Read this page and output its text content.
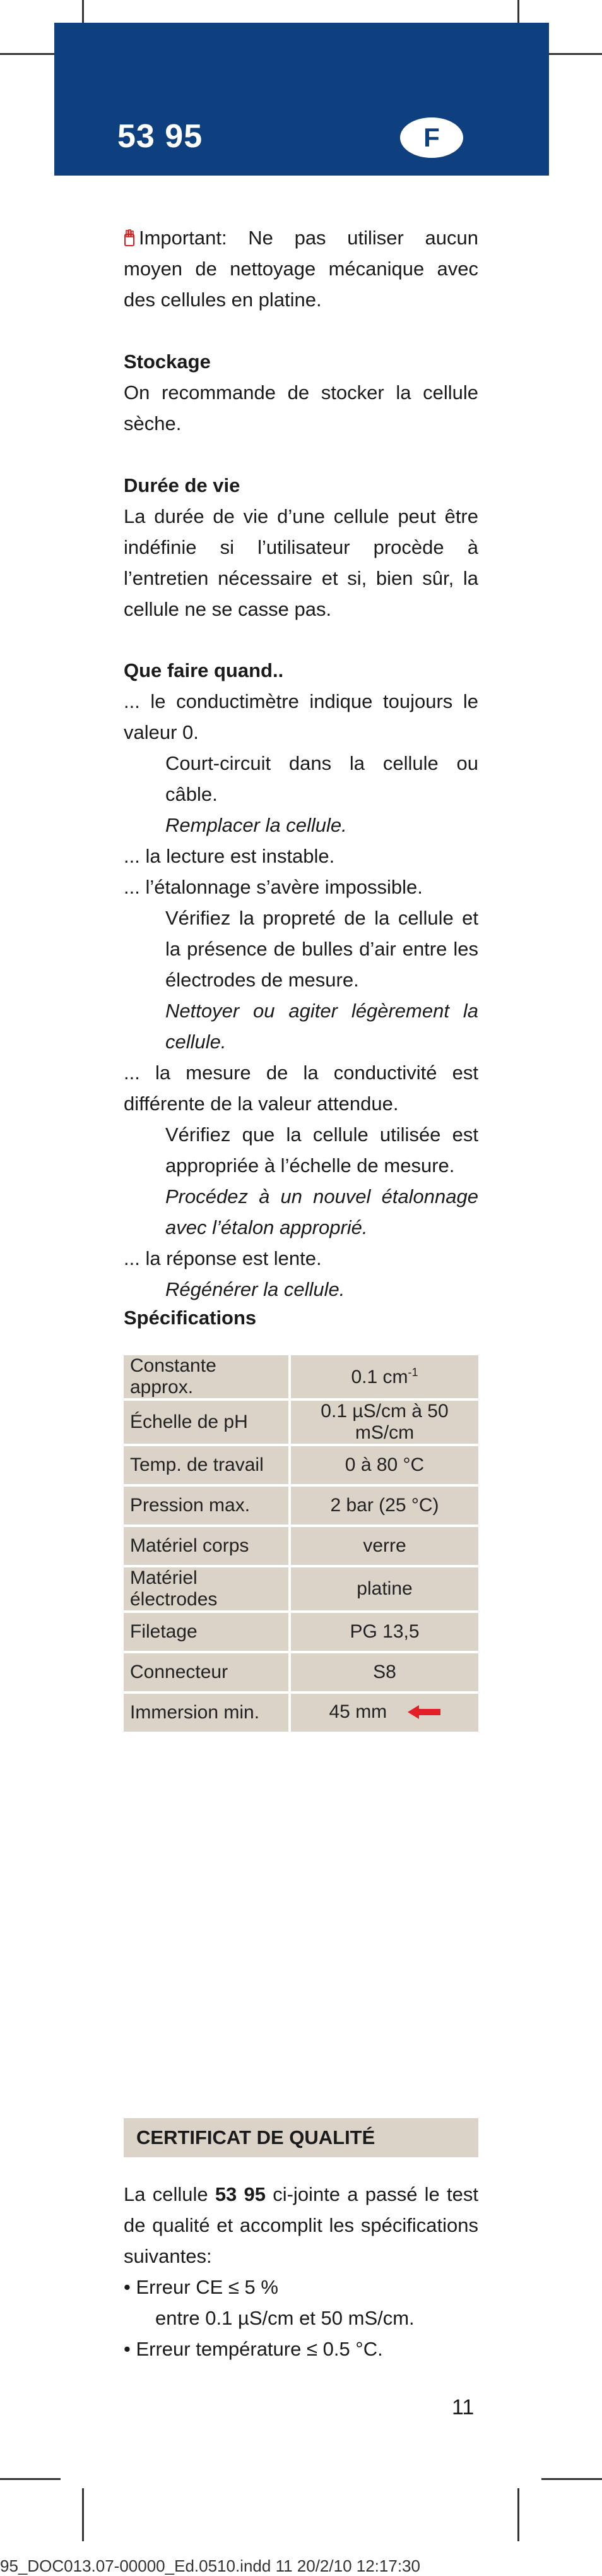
53 95	F

Important: Ne pas utiliser aucun moyen de nettoyage mécanique avec des cellules en platine.

Stockage

On recommande de stocker la cellule sèche.

Durée de vie

La durée de vie d’une cellule peut être indéfinie si l’utilisateur procède à l’entretien nécessaire et si, bien sûr, la cellule ne se casse pas.

Que faire quand..

... le conductimètre indique toujours le valeur 0.

Court-circuit dans la cellule ou câble.

Remplacer la cellule.

... la lecture est instable.

... l’étalonnage s’avère impossible.

Vérifiez la propreté de la cellule et la présence de bulles d’air entre les électrodes de mesure.

Nettoyer ou agiter légèrement la cellule.

... la mesure de la conductivité est différente de la valeur attendue.

Vérifiez que la cellule utilisée est appropriée à l’échelle de mesure.

Procédez à un nouvel étalonnage avec l’étalon approprié.

... la réponse est lente.

Régénérer la cellule.

Spécifications

Constante approx.	0.1 $cm^{-1}$
Échelle de pH	0.1 µS/cm à 50 mS/cm
Temp. de travail	0 à 80 °C
Pression max.	2 bar (25 °C)
Matériel corps	verre
Matériel électrodes	platine
Filetage	PG 13,5
Connecteur	S8
Immersion min.	45 mm
CERTIFICAT DE QUALITÉ

La cellule 53 95 ci-jointe a passé le test de qualité et accomplit les spécifications suivantes:

• Erreur CE ≤ 5 %

entre 0.1 µS/cm et 50 mS/cm.

• Erreur température ≤ 0.5 °C.

11
95_DOC013.07-00000_Ed.0510.indd 11 20/2/10 12:17:30
